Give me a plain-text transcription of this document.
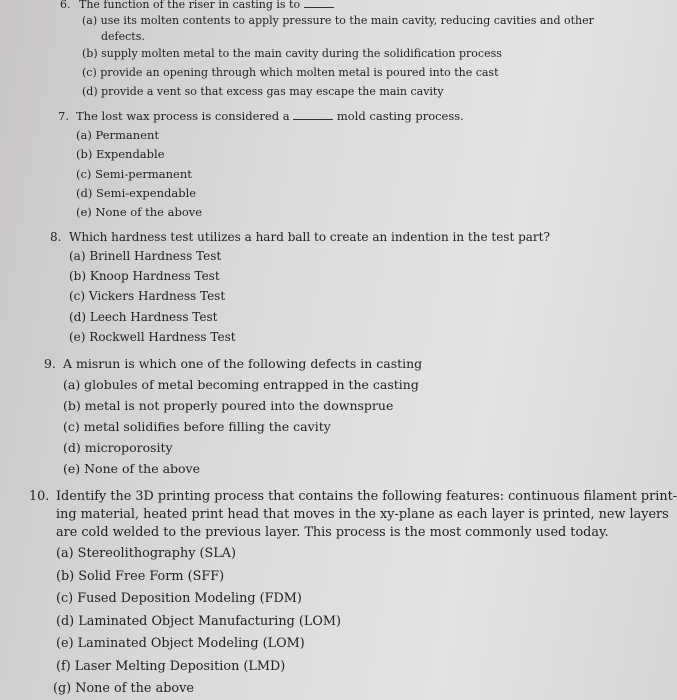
6. The function of the riser in casting is to
(a) use its molten contents to apply pressure to the main cavity, reducing cavities and other
defects.
(b) supply molten metal to the main cavity during the solidification process
(c) provide an opening through which molten metal is poured into the cast
(d) provide a vent so that excess gas may escape the main cavity
7. The lost wax process is considered a	mold casting process.
(a) Permanent
(b) Expendable
(c) Semi-permanent
(d) Semi-expendable
(e) None of the above
8. Which hardness test utilizes a hard ball to create an indention in the test part?
(a) Brinell Hardness Test
(b) Knoop Hardness Test
(c) Vickers Hardness Test
(d) Leech Hardness Test
(e) Rockwell Hardness Test
9. A misrun is which one of the following defects in casting
(a) globules of metal becoming entrapped in the casting
(b) metal is not properly poured into the downsprue
(c) metal solidifies before filling the cavity
(d) microporosity
(e) None of the above
10. Identify the 3D printing process that contains the following features: continuous filament print-
ing material, heated print head that moves in the xy-plane as each layer is printed, new layers
are cold welded to the previous layer. This process is the most commonly used today.
(a) Stereolithography (SLA)
(b) Solid Free Form (SFF)
(c) Fused Deposition Modeling (FDM)
(d) Laminated Object Manufacturing (LOM)
(e) Laminated Object Modeling (LOM)
(f) Laser Melting Deposition (LMD)
(g) None of the above
